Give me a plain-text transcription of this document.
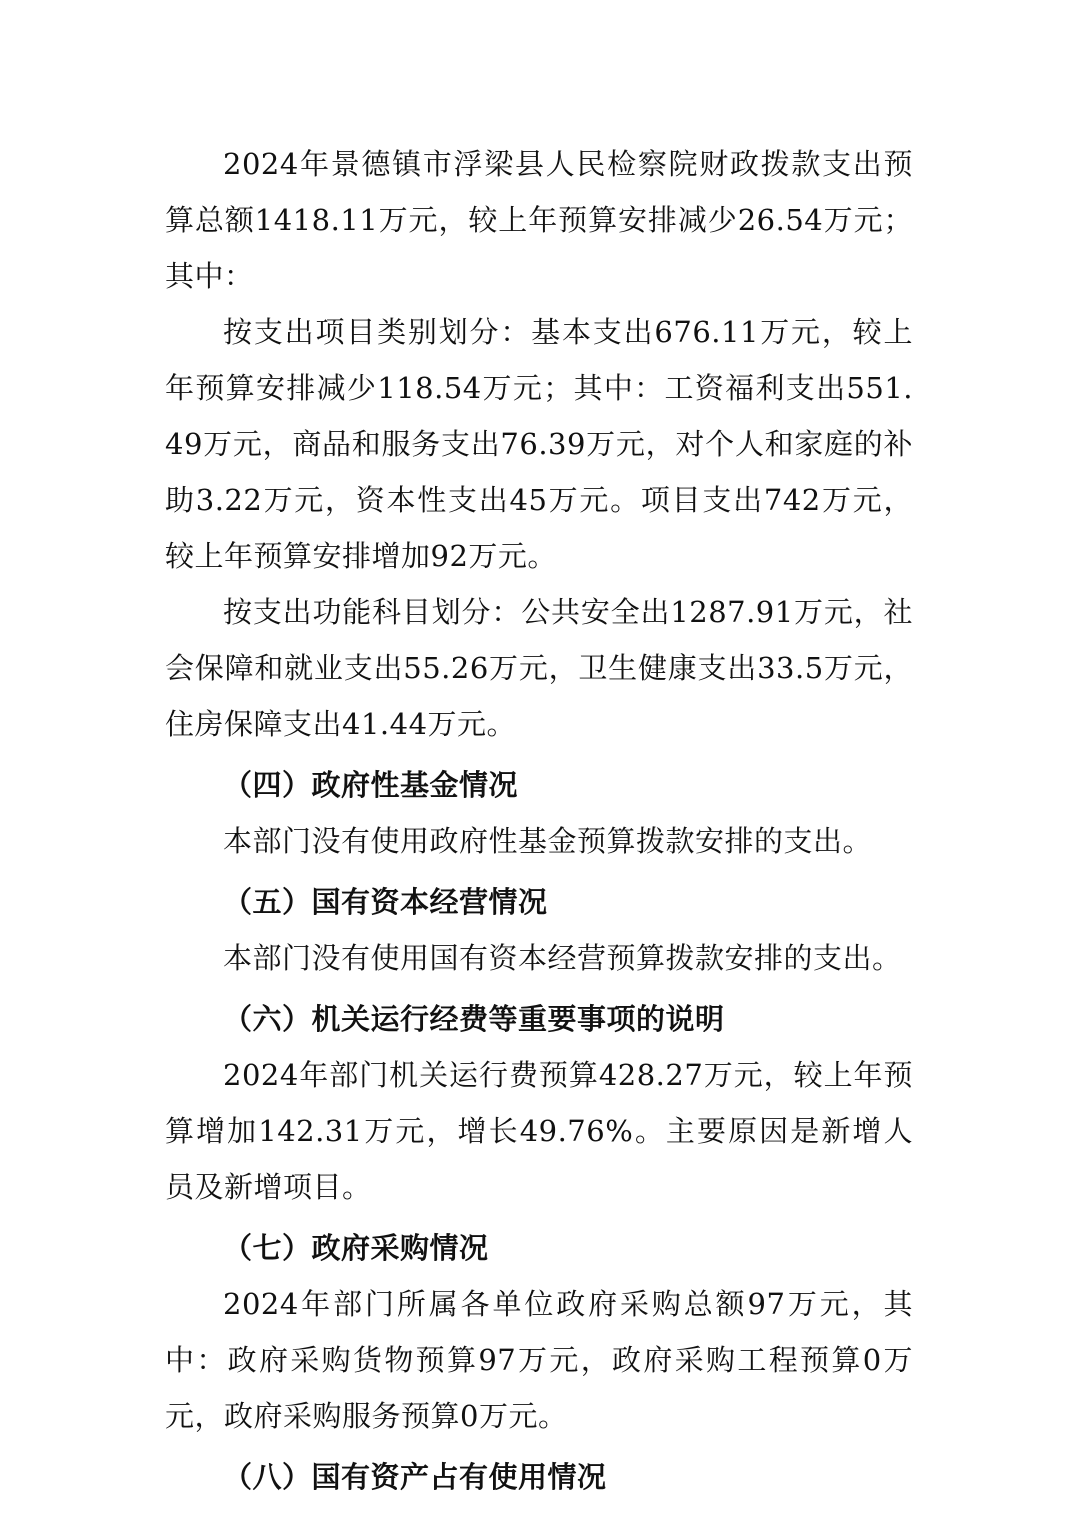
2024年景德镇市浮梁县人民检察院财政拨款支出预算总额1418.11万元，较上年预算安排减少26.54万元；其中：

按支出项目类别划分：基本支出676.11万元，较上年预算安排减少118.54万元；其中：工资福利支出551.49万元，商品和服务支出76.39万元，对个人和家庭的补助3.22万元，资本性支出45万元。项目支出742万元，较上年预算安排增加92万元。

按支出功能科目划分：公共安全出1287.91万元，社会保障和就业支出55.26万元，卫生健康支出33.5万元，住房保障支出41.44万元。

（四）政府性基金情况

本部门没有使用政府性基金预算拨款安排的支出。

（五）国有资本经营情况

本部门没有使用国有资本经营预算拨款安排的支出。

（六）机关运行经费等重要事项的说明

2024年部门机关运行费预算428.27万元，较上年预算增加142.31万元，增长49.76%。主要原因是新增人员及新增项目。

（七）政府采购情况

2024年部门所属各单位政府采购总额97万元，其中：政府采购货物预算97万元，政府采购工程预算0万元，政府采购服务预算0万元。

（八）国有资产占有使用情况
